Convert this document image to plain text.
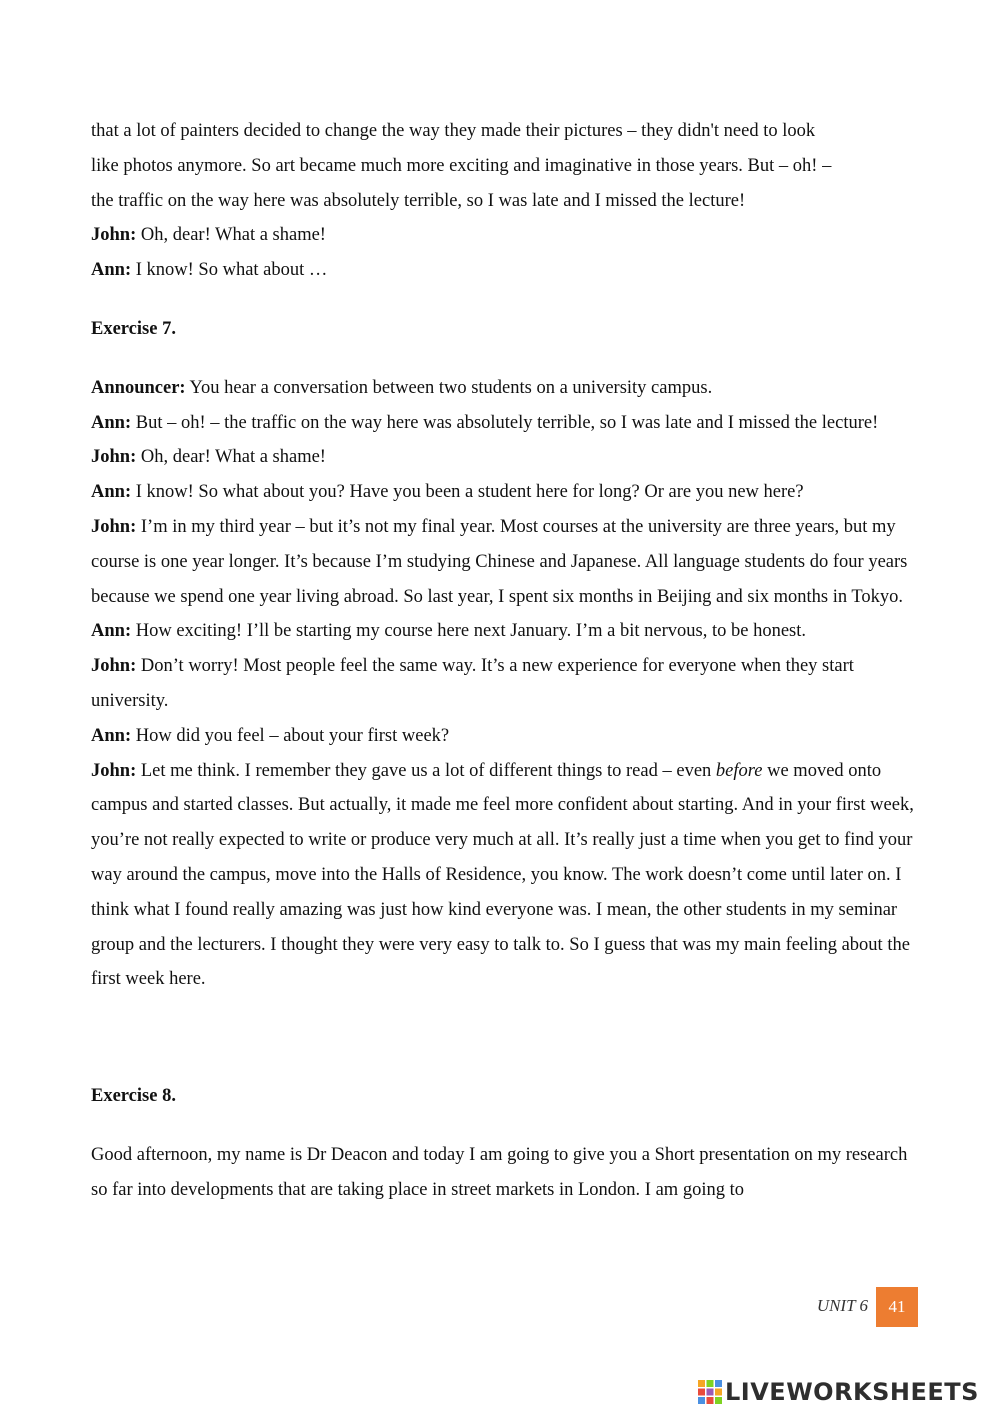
that a lot of painters decided to change the way they made their pictures – they didn't need to look
like photos anymore. So art became much more exciting and imaginative in those years. But – oh! –
the traffic on the way here was absolutely terrible, so I was late and I missed the lecture!

John: Oh, dear! What a shame!

Ann: I know! So what about …

Exercise 7.

Announcer: You hear a conversation between two students on a university campus.

Ann: But – oh! – the traffic on the way here was absolutely terrible, so I was late and I missed the lecture!

John: Oh, dear! What a shame!

Ann: I know! So what about you? Have you been a student here for long? Or are you new here?

John: I’m in my third year – but it’s not my final year. Most courses at the university are three years, but my course is one year longer. It’s because I’m studying Chinese and Japanese. All language students do four years because we spend one year living abroad. So last year, I spent six months in Beijing and six months in Tokyo.

Ann: How exciting! I’ll be starting my course here next January. I’m a bit nervous, to be honest.

John: Don’t worry! Most people feel the same way. It’s a new experience for everyone when they start university.

Ann: How did you feel – about your first week?

John: Let me think. I remember they gave us a lot of different things to read – even before we moved onto campus and started classes. But actually, it made me feel more confident about starting. And in your first week, you’re not really expected to write or produce very much at all. It’s really just a time when you get to find your way around the campus, move into the Halls of Residence, you know. The work doesn’t come until later on. I think what I found really amazing was just how kind everyone was. I mean, the other students in my seminar group and the lecturers. I thought they were very easy to talk to. So I guess that was my main feeling about the first week here.

Exercise 8.

Good afternoon, my name is Dr Deacon and today I am going to give you a Short presentation on my research so far into developments that are taking place in street markets in London. I am going to

UNIT 6	41
LIVEWORKSHEETS
